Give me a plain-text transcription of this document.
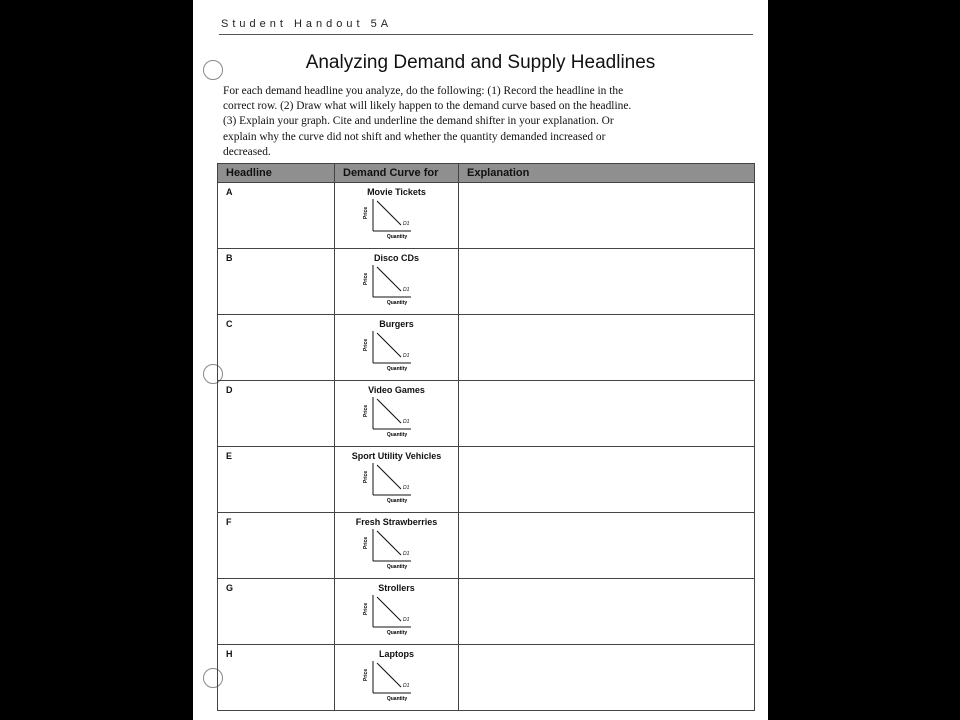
Student Handout 5A
Analyzing Demand and Supply Headlines
For each demand headline you analyze, do the following: (1) Record the headline in the correct row. (2) Draw what will likely happen to the demand curve based on the headline. (3) Explain your graph. Cite and underline the demand shifter in your explanation. Or explain why the curve did not shift and whether the quantity demanded increased or decreased.
Headline	Demand Curve for	Explanation

A	Movie Tickets
Price
Quantity
D1	

B	Disco CDs
Price
Quantity
D1	

C	Burgers
Price
Quantity
D1	

D	Video Games
Price
Quantity
D1	

E	Sport Utility Vehicles
Price
Quantity
D1	

F	Fresh Strawberries
Price
Quantity
D1	

G	Strollers
Price
Quantity
D1	

H	Laptops
Price
Quantity
D1	
